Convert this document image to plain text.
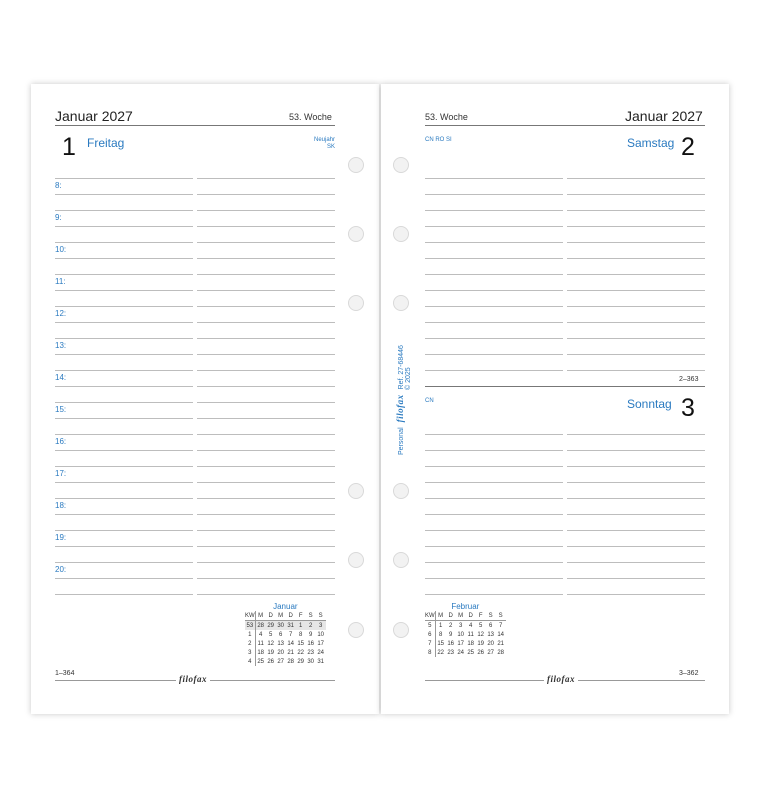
Januar 2027	53. Woche
1 Freitag	Neujahr
SK
8:
9:
10:
11:
12:
13:
14:
15:
16:
17:
18:
19:
20:
Januar
KW	M	D	M	D	F	S	S
53	28	29	30	31	1	2	3
1	4	5	6	7	8	9	10
2	11	12	13	14	15	16	17
3	18	19	20	21	22	23	24
4	25	26	27	28	29	30	31
1–364
filofax
53. Woche	Januar 2027
CN RO SI	Samstag 2
2–363
CN	Sonntag 3
Februar
KW	M	D	M	D	F	S	S
5	1	2	3	4	5	6	7
6	8	9	10	11	12	13	14
7	15	16	17	18	19	20	21
8	22	23	24	25	26	27	28
3–362
filofax
Personal filofax Ref. 27-68446 © 2025
